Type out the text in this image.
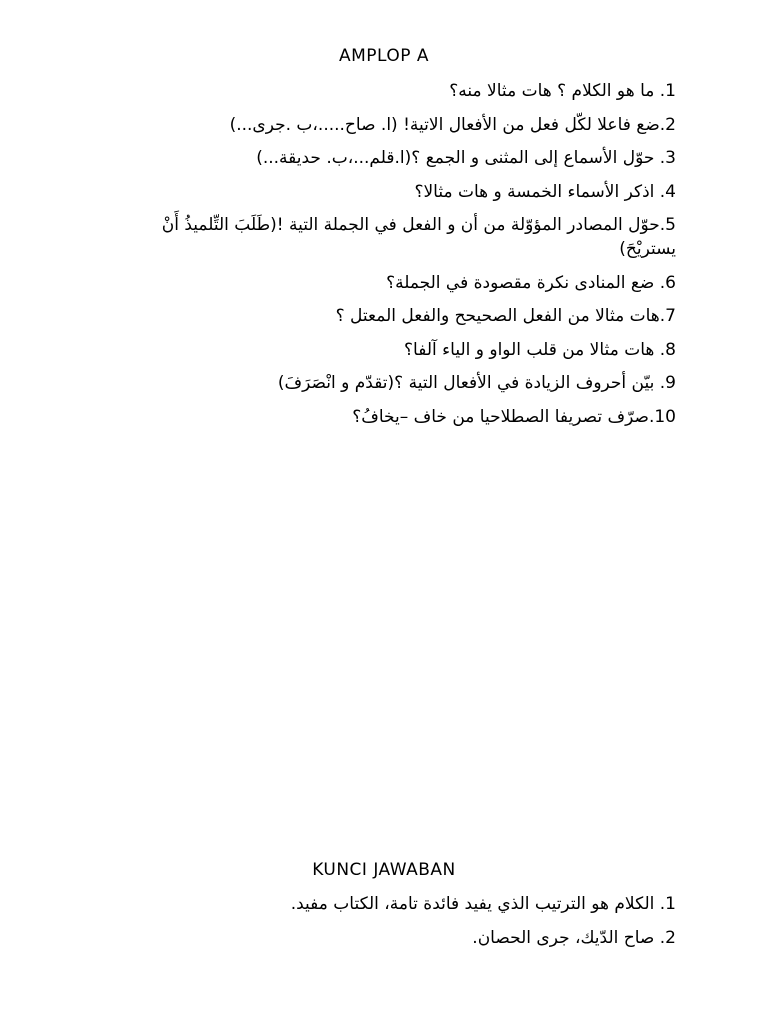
AMPLOP A
1. ما هو الكلام ؟ هات مثالا منه؟
2.ضع فاعلا لكّل فعل من الأفعال الاتية! (ا. صاح.....،ب .جرى...)
3. حوّل الأسماع إلى المثنى و الجمع ؟(ا.قلم...،ب. حديقة...)
4. اذكر الأسماء الخمسة و هات مثالا؟
5.حوّل المصادر المؤوّلة من أن و الفعل في الجملة التية !(طَلَبَ التِّلميذُ أَنْ يستريْحَ)
6. ضع المنادى نكرة مقصودة في الجملة؟
7.هات مثالا من الفعل الصحيحح والفعل المعتل ؟
8. هات مثالا من قلب الواو و الياء آلفا؟
9. بيّن أحروف الزيادة في الأفعال التية ؟(تقدّم و انْصَرَفَ)
10.صرّف تصريفا الصطلاحيا من خاف –يخافُ؟
KUNCI JAWABAN
1. الكلام هو الترتيب الذي يفيد فائدة تامة، الكتاب مفيد.
2. صاح الدّيك، جرى الحصان.
